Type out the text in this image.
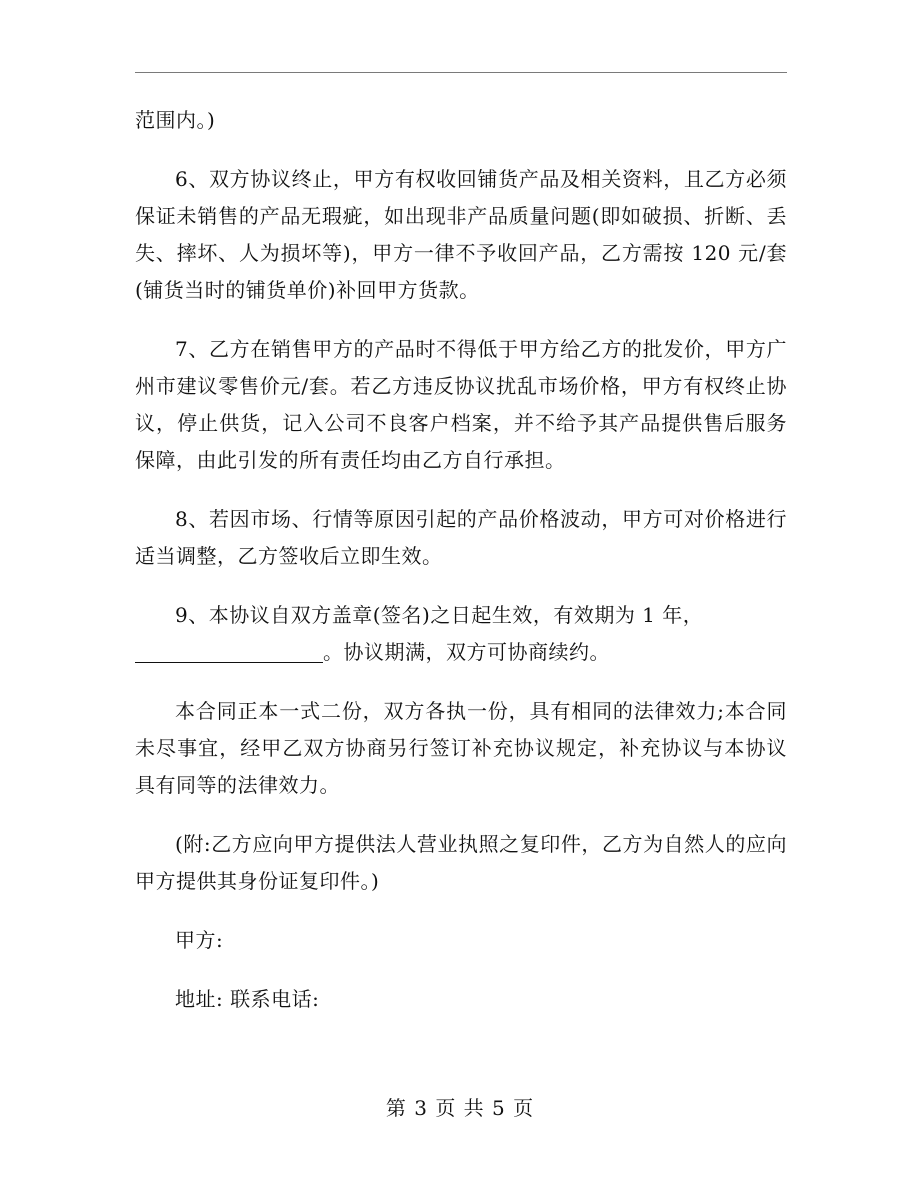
范围内。)

6、双方协议终止，甲方有权收回铺货产品及相关资料，且乙方必须保证未销售的产品无瑕疵，如出现非产品质量问题(即如破损、折断、丢失、摔坏、人为损坏等)，甲方一律不予收回产品，乙方需按 120 元/套(铺货当时的铺货单价)补回甲方货款。

7、乙方在销售甲方的产品时不得低于甲方给乙方的批发价，甲方广州市建议零售价元/套。若乙方违反协议扰乱市场价格，甲方有权终止协议，停止供货，记入公司不良客户档案，并不给予其产品提供售后服务保障，由此引发的所有责任均由乙方自行承担。

8、若因市场、行情等原因引起的产品价格波动，甲方可对价格进行适当调整，乙方签收后立即生效。

9、本协议自双方盖章(签名)之日起生效，有效期为 1 年，
。协议期满，双方可协商续约。

本合同正本一式二份，双方各执一份，具有相同的法律效力;本合同未尽事宜，经甲乙双方协商另行签订补充协议规定，补充协议与本协议具有同等的法律效力。

(附:乙方应向甲方提供法人营业执照之复印件，乙方为自然人的应向甲方提供其身份证复印件。)

甲方:

地址: 联系电话:

第 3 页 共 5 页
